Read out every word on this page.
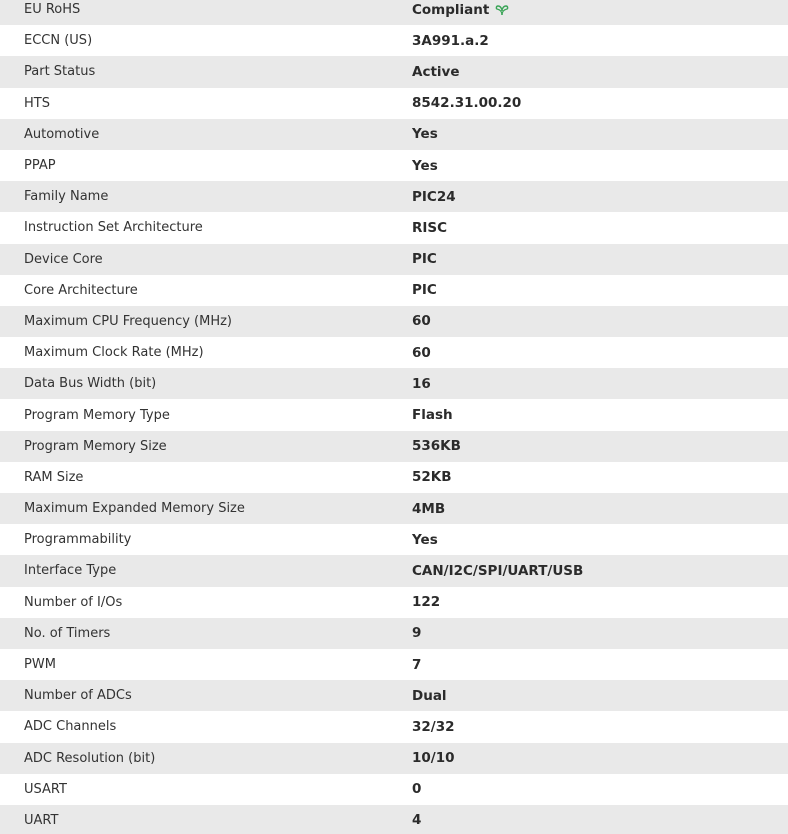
EU RoHS	Compliant
ECCN (US)	3A991.a.2
Part Status	Active
HTS	8542.31.00.20
Automotive	Yes
PPAP	Yes
Family Name	PIC24
Instruction Set Architecture	RISC
Device Core	PIC
Core Architecture	PIC
Maximum CPU Frequency (MHz)	60
Maximum Clock Rate (MHz)	60
Data Bus Width (bit)	16
Program Memory Type	Flash
Program Memory Size	536KB
RAM Size	52KB
Maximum Expanded Memory Size	4MB
Programmability	Yes
Interface Type	CAN/I2C/SPI/UART/USB
Number of I/Os	122
No. of Timers	9
PWM	7
Number of ADCs	Dual
ADC Channels	32/32
ADC Resolution (bit)	10/10
USART	0
UART	4
